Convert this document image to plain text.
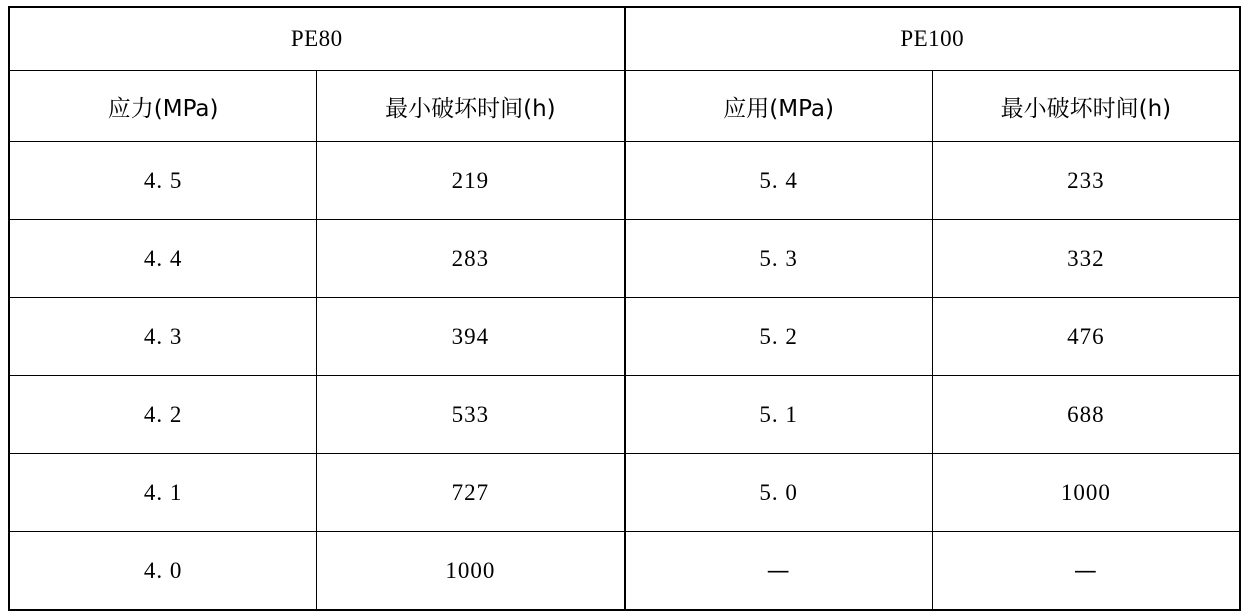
PE80		PE100	
应力(MPa)	最小破坏时间(h)	应用(MPa)	最小破坏时间(h)
4. 5	219	5. 4	233
4. 4	283	5. 3	332
4. 3	394	5. 2	476
4. 2	533	5. 1	688
4. 1	727	5. 0	1000
4. 0	1000	—	—
